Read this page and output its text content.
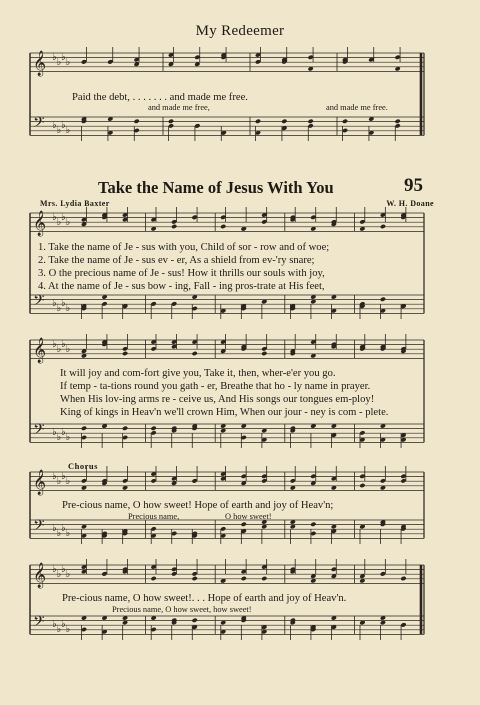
𝄞
𝄢
♭
♭
♭
♭
♭
♭
♭
♭
𝄞
𝄢
♭
♭
♭
♭
♭
♭
♭
♭
𝄞
𝄢
♭
♭
♭
♭
♭
♭
♭
♭
𝄞
𝄢
♭
♭
♭
♭
♭
♭
♭
♭
𝄞
𝄢
♭
♭
♭
♭
♭
♭
♭
♭
My Redeemer
Paid the debt, . . . . . . . and made me free.
and made me free,	and made me free.
Take the Name of Jesus With You	95
Mrs. Lydia Baxter	W. H. Doane
1. Take the name of Je - sus with you, Child of sor - row and of woe;
2. Take the name of Je - sus ev - er, As a shield from ev-'ry snare;
3. O the precious name of Je - sus! How it thrills our souls with joy,
4. At the name of Je - sus bow - ing, Fall - ing pros-trate at His feet,
It will joy and com-fort give you, Take it, then, wher-e'er you go.
If temp - ta-tions round you gath - er, Breathe that ho - ly name in prayer.
When His lov-ing arms re - ceive us, And His songs our tongues em-ploy!
King of kings in Heav'n we'll crown Him, When our jour - ney is com - plete.
Chorus
Pre-cious name, O how sweet! Hope of earth and joy of Heav'n;
Precious name,	O how sweet!
Pre-cious name, O how sweet!. . . Hope of earth and joy of Heav'n.
Precious name, O how sweet, how sweet!
